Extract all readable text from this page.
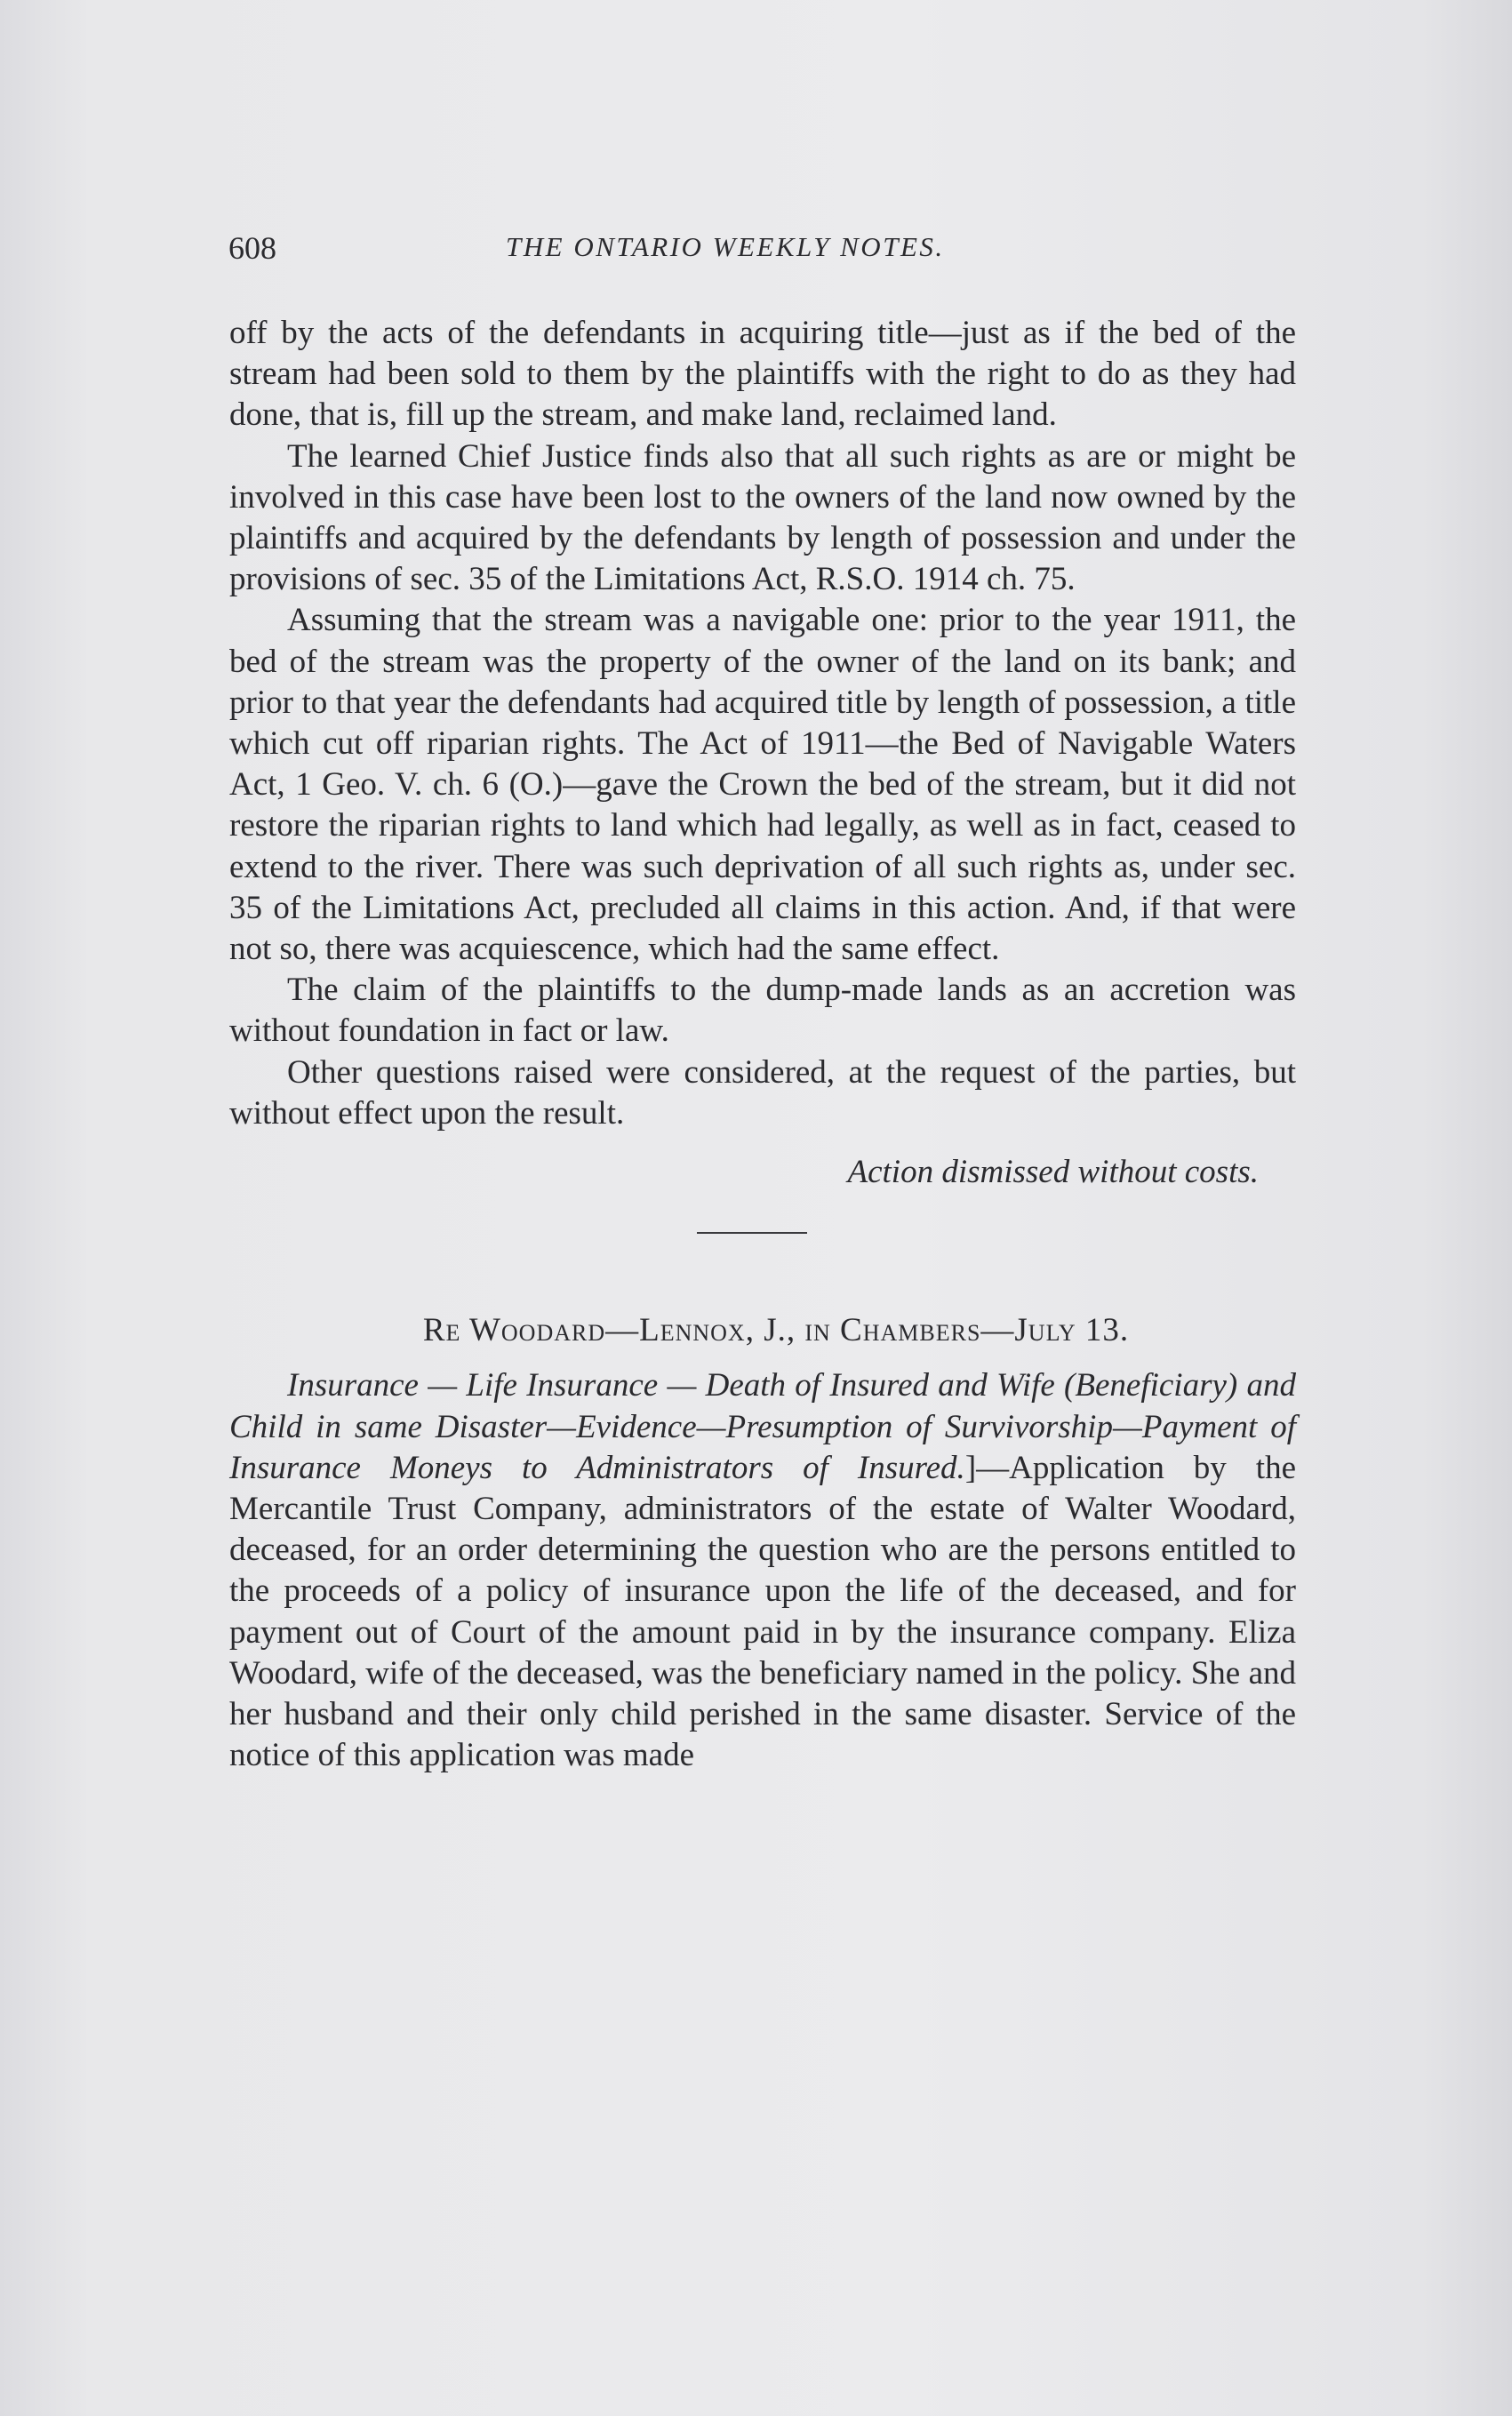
608	THE ONTARIO WEEKLY NOTES.

off by the acts of the defendants in acquiring title—just as if the bed of the stream had been sold to them by the plaintiffs with the right to do as they had done, that is, fill up the stream, and make land, reclaimed land.

The learned Chief Justice finds also that all such rights as are or might be involved in this case have been lost to the owners of the land now owned by the plaintiffs and acquired by the defendants by length of possession and under the provisions of sec. 35 of the Limitations Act, R.S.O. 1914 ch. 75.

Assuming that the stream was a navigable one: prior to the year 1911, the bed of the stream was the property of the owner of the land on its bank; and prior to that year the defendants had acquired title by length of possession, a title which cut off riparian rights. The Act of 1911—the Bed of Navigable Waters Act, 1 Geo. V. ch. 6 (O.)—gave the Crown the bed of the stream, but it did not restore the riparian rights to land which had legally, as well as in fact, ceased to extend to the river. There was such deprivation of all such rights as, under sec. 35 of the Limitations Act, precluded all claims in this action. And, if that were not so, there was acquiescence, which had the same effect.

The claim of the plaintiffs to the dump-made lands as an accretion was without foundation in fact or law.

Other questions raised were considered, at the request of the parties, but without effect upon the result.

Action dismissed without costs.

Re Woodard—Lennox, J., in Chambers—July 13.

Insurance — Life Insurance — Death of Insured and Wife (Beneficiary) and Child in same Disaster—Evidence—Presumption of Survivorship—Payment of Insurance Moneys to Administrators of Insured.]—Application by the Mercantile Trust Company, administrators of the estate of Walter Woodard, deceased, for an order determining the question who are the persons entitled to the proceeds of a policy of insurance upon the life of the deceased, and for payment out of Court of the amount paid in by the insurance company. Eliza Woodard, wife of the deceased, was the beneficiary named in the policy. She and her husband and their only child perished in the same disaster. Service of the notice of this application was made
